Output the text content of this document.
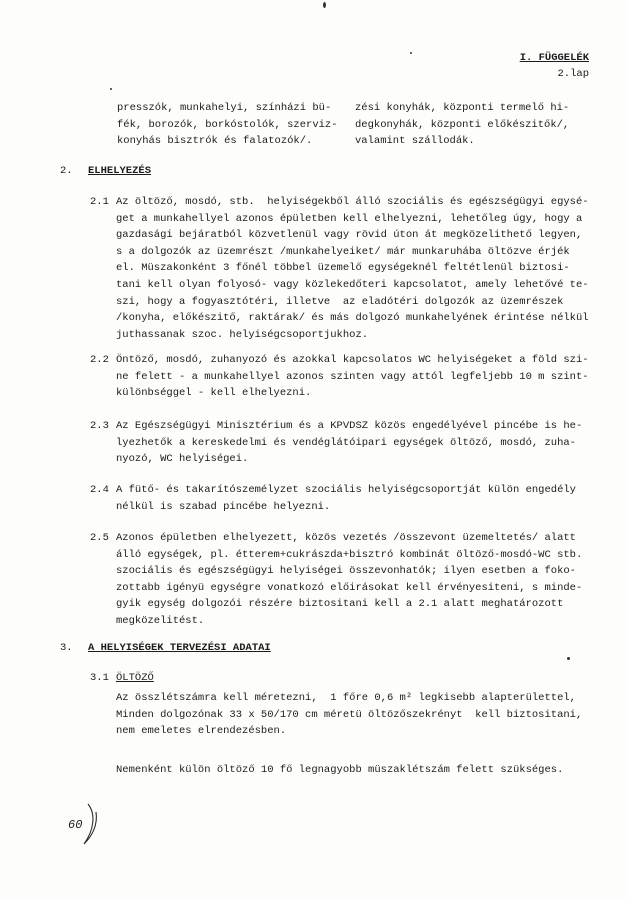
I. FÜGGELÉK
2.lap
presszók, munkahelyi, színházi bü-
fék, borozók, borkóstolók, szerviz-
konyhás bisztrók és falatozók/.
zési konyhák, központi termelő hi-
degkonyhák, központi előkészitők/,
valamint szállodák.
2. ELHELYEZÉS
2.1 Az öltöző, mosdó, stb.  helyiségekből álló szociális és egészségügyi egysé-
get a munkahellyel azonos épületben kell elhelyezni, lehetőleg úgy, hogy a
gazdasági bejáratból közvetlenül vagy rövid úton át megközelithető legyen,
s a dolgozók az üzemrészt /munkahelyeiket/ már munkaruhába öltözve érjék
el. Müszakonként 3 főnél többel üzemelő egységeknél feltétlenül biztosi-
tani kell olyan folyosó- vagy közlekedőteri kapcsolatot, amely lehetővé te-
szi, hogy a fogyasztótéri, illetve  az eladótéri dolgozók az üzemrészek
/konyha, előkészitő, raktárak/ és más dolgozó munkahelyének érintése nélkül
juthassanak szoc. helyiségcsoportjukhoz.
2.2 Öntöző, mosdó, zuhanyozó és azokkal kapcsolatos WC helyiségeket a föld szi-
ne felett - a munkahellyel azonos szinten vagy attól legfeljebb 10 m szint-
különbséggel - kell elhelyezni.
2.3 Az Egészségügyi Minisztérium és a KPVDSZ közös engedélyével pincébe is he-
lyezhetők a kereskedelmi és vendéglátóipari egységek öltöző, mosdó, zuha-
nyozó, WC helyiségei.
2.4 A fütő- és takarítószemélyzet szociális helyiségcsoportját külön engedély
nélkül is szabad pincébe helyezni.
2.5 Azonos épületben elhelyezett, közös vezetés /összevont üzemeltetés/ alatt
álló egységek, pl. étterem+cukrászda+bisztró kombinát öltöző-mosdó-WC stb.
szociális és egészségügyi helyiségei összevonhatók; ilyen esetben a foko-
zottabb igényü egységre vonatkozó előirásokat kell érvényesiteni, s minde-
gyik egység dolgozói részére biztositani kell a 2.1 alatt meghatározott
megközelitést.
3. A HELYISÉGEK TERVEZÉSI ADATAI
3.1 ÖLTÖZŐ
Az összlétszámra kell méretezni,  1 főre 0,6 m² legkisebb alapterülettel,
Minden dolgozónak 33 x 50/170 cm méretü öltözőszekrényt  kell biztositani,
nem emeletes elrendezésben.
Nemenként külön öltöző 10 fő legnagyobb müszaklétszám felett szükséges.
60
